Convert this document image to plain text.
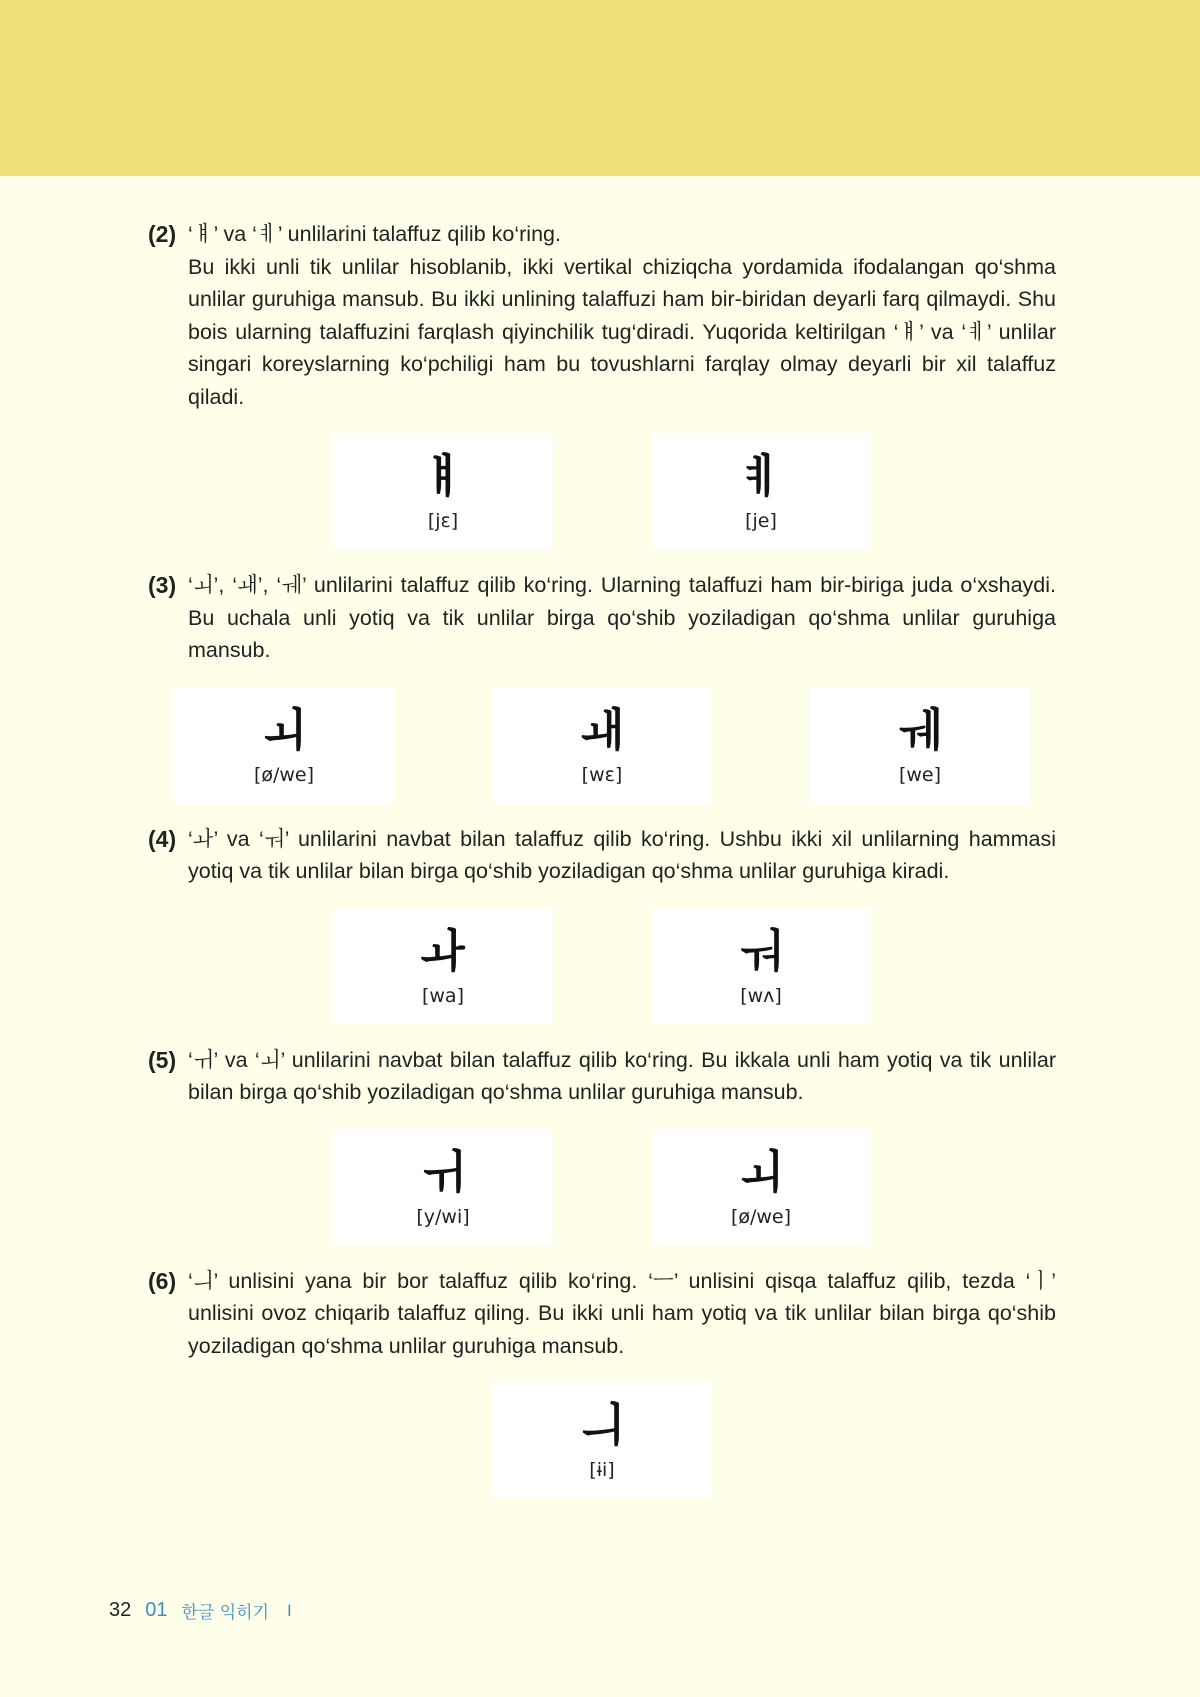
(2) ‘ㅒ’ va ‘ㅖ’ unlilarini talaffuz qilib ko‘ring.
Bu ikki unli tik unlilar hisoblanib, ikki vertikal chiziqcha yordamida ifodalangan qo‘shma unlilar guruhiga mansub. Bu ikki unlining talaffuzi ham bir-biridan deyarli farq qilmaydi. Shu bois ularning talaffuzini farqlash qiyinchilik tug‘diradi. Yuqorida keltirilgan ‘ㅒ’ va ‘ㅖ’ unlilar singari koreyslarning ko‘pchiligi ham bu tovushlarni farqlay olmay deyarli bir xil talaffuz qiladi.
ㅒ
[jɛ]
ㅖ
[je]
(3) ‘ㅚ’, ‘ㅙ’, ‘ㅞ’ unlilarini talaffuz qilib ko‘ring. Ularning talaffuzi ham bir-biriga juda o‘xshaydi. Bu uchala unli yotiq va tik unlilar birga qo‘shib yoziladigan qo‘shma unlilar guruhiga mansub.
ㅚ
[ø/we]
ㅙ
[wɛ]
ㅞ
[we]
(4) ‘ㅘ’ va ‘ㅝ’ unlilarini navbat bilan talaffuz qilib ko‘ring. Ushbu ikki xil unlilarning hammasi yotiq va tik unlilar bilan birga qo‘shib yoziladigan qo‘shma unlilar guruhiga kiradi.
ㅘ
[wa]
ㅝ
[wʌ]
(5) ‘ㅟ’ va ‘ㅚ’ unlilarini navbat bilan talaffuz qilib ko‘ring. Bu ikkala unli ham yotiq va tik unlilar bilan birga qo‘shib yoziladigan qo‘shma unlilar guruhiga mansub.
ㅟ
[y/wi]
ㅚ
[ø/we]
(6) ‘ㅢ’ unlisini yana bir bor talaffuz qilib ko‘ring. ‘ㅡ’ unlisini qisqa talaffuz qilib, tezda ‘ㅣ’ unlisini ovoz chiqarib talaffuz qiling. Bu ikki unli ham yotiq va tik unlilar bilan birga qo‘shib yoziladigan qo‘shma unlilar guruhiga mansub.
ㅢ
[ɨi]
32 01 한글 익히기 I
